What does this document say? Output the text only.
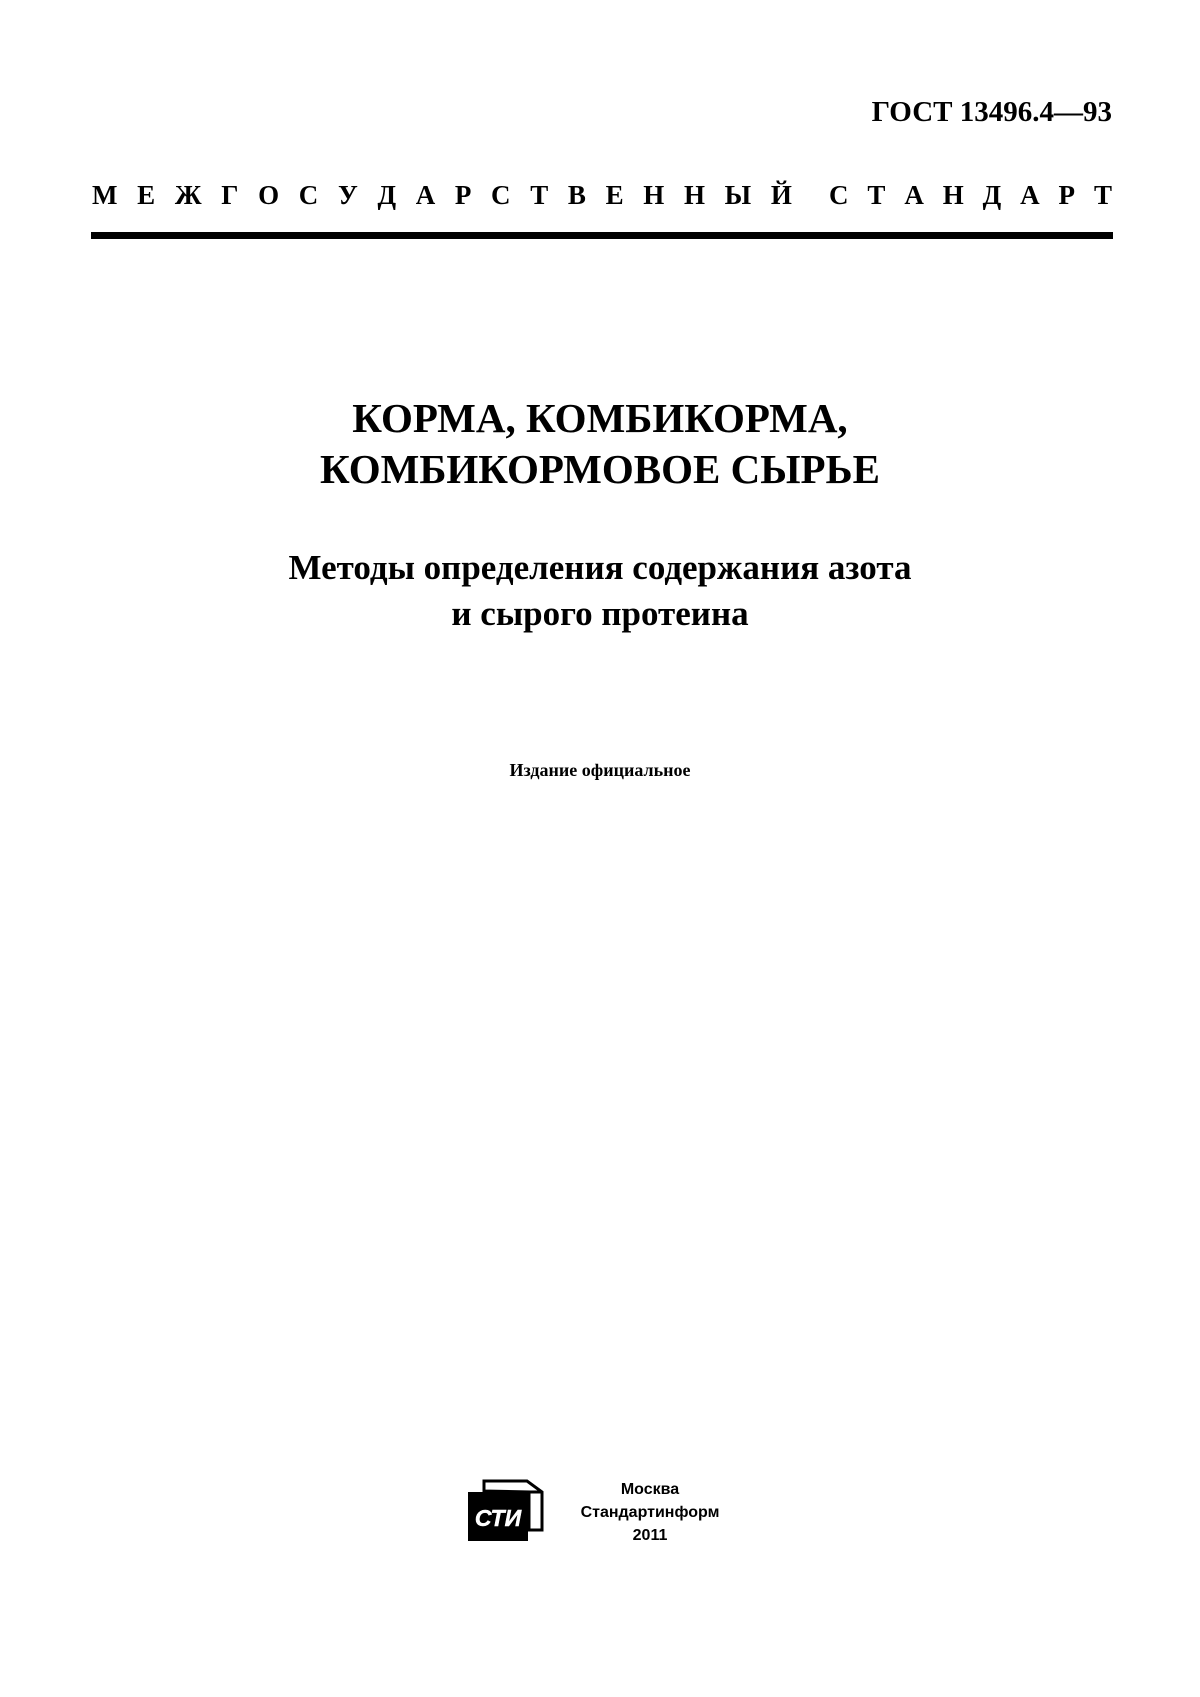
ГОСТ 13496.4—93
М Е Ж Г О С У Д А Р С Т В Е Н Н Ы Й С Т А Н Д А Р Т
КОРМА, КОМБИКОРМА,
КОМБИКОРМОВОЕ СЫРЬЕ
Методы определения содержания азота
и сырого протеина
Издание официальное
СТИ
Москва
Стандартинформ
2011
